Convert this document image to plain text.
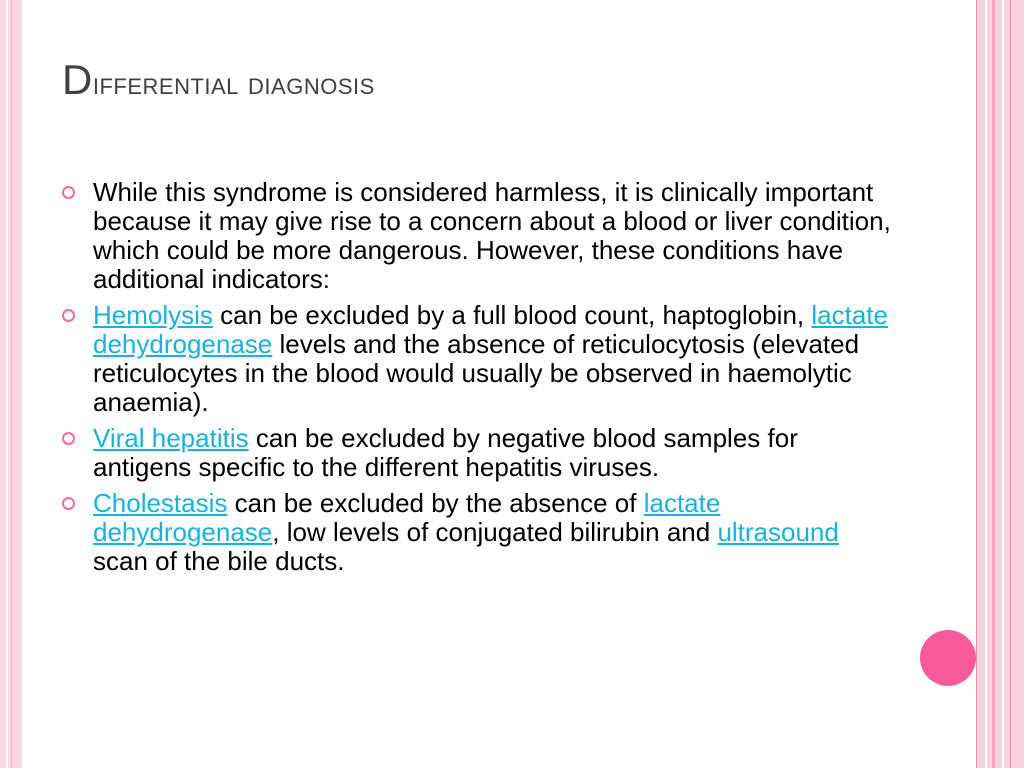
Differential diagnosis
While this syndrome is considered harmless, it is clinically important because it may give rise to a concern about a blood or liver condition, which could be more dangerous. However, these conditions have additional indicators:
Hemolysis can be excluded by a full blood count, haptoglobin, lactate dehydrogenase levels and the absence of reticulocytosis (elevated reticulocytes in the blood would usually be observed in haemolytic anaemia).
Viral hepatitis can be excluded by negative blood samples for antigens specific to the different hepatitis viruses.
Cholestasis can be excluded by the absence of lactate dehydrogenase, low levels of conjugated bilirubin and ultrasound scan of the bile ducts.
